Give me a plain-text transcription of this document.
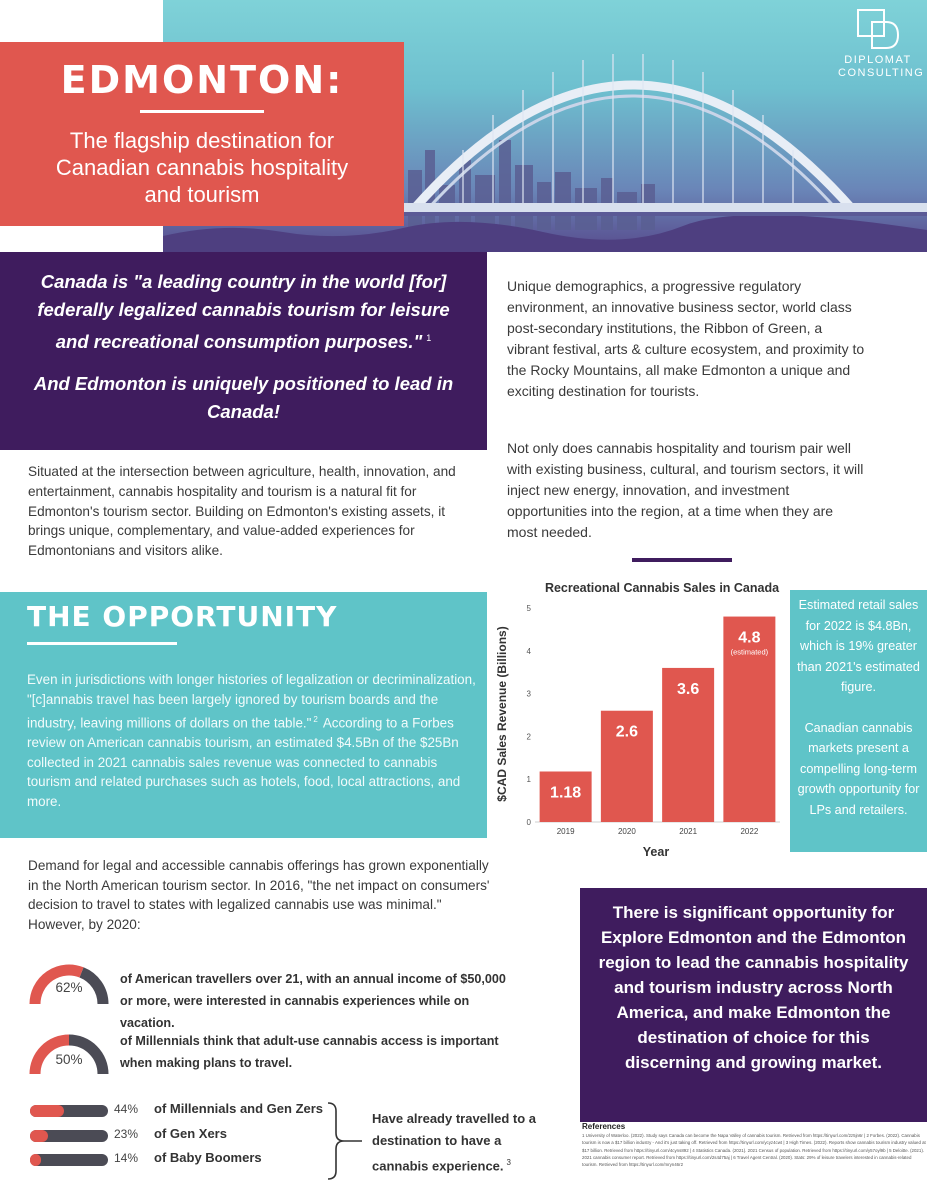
DIPLOMAT
CONSULTING
EDMONTON:
The flagship destination for Canadian cannabis hospitality and tourism

Canada is "a leading country in the world [for] federally legalized cannabis tourism for leisure and recreational consumption purposes." $^1$

And Edmonton is uniquely positioned to lead in Canada!

Situated at the intersection between agriculture, health, innovation, and entertainment, cannabis hospitality and tourism is a natural fit for Edmonton's tourism sector. Building on Edmonton's existing assets, it brings unique, complementary, and value-added experiences for Edmontonians and visitors alike.

Unique demographics, a progressive regulatory environment, an innovative business sector, world class post-secondary institutions, the Ribbon of Green, a vibrant festival, arts & culture ecosystem, and proximity to the Rocky Mountains, all make Edmonton a unique and exciting destination for tourists.

Not only does cannabis hospitality and tourism pair well with existing business, cultural, and tourism sectors, it will inject new energy, innovation, and investment opportunities into the region, at a time when they are most needed.

THE OPPORTUNITY

Even in jurisdictions with longer histories of legalization or decriminalization, "[c]annabis travel has been largely ignored by tourism boards and the industry, leaving millions of dollars on the table." $^2$ According to a Forbes review on American cannabis tourism, an estimated $4.5Bn of the $25Bn collected in 2021 cannabis sales revenue was connected to cannabis tourism and related purchases such as hotels, food, local attractions, and more.

Recreational Cannabis Sales in Canada
$CAD Sales Revenue (Billions)
Year
0
1
2
3
4
5
1.18
2019
2.6
2020
3.6
2021
4.8
2022
(estimated)

Estimated retail sales for 2022 is $4.8Bn, which is 19% greater than 2021's estimated figure.

Canadian cannabis markets present a compelling long-term growth opportunity for LPs and retailers.

Demand for legal and accessible cannabis offerings has grown exponentially in the North American tourism sector. In 2016, "the net impact on consumers' decision to travel to states with legalized cannabis use was minimal." However, by 2020:

62%

of American travellers over 21, with an annual income of $50,000 or more, were interested in cannabis experiences while on vacation.

50%

of Millennials think that adult-use cannabis access is important when making plans to travel.

44% of Millennials and Gen Zers
23% of Gen Xers
14% of Baby Boomers

Have already travelled to a destination to have a cannabis experience. $^3$

There is significant opportunity for Explore Edmonton and the Edmonton region to lead the cannabis hospitality and tourism industry across North America, and make Edmonton the destination of choice for this discerning and growing market.
References
1 University of Waterloo. (2022). Study says Canada can become the Napa Valley of cannabis tourism. Retrieved from https://tinyurl.com/2z5jn6r | 2 Forbes. (2022). Cannabis tourism is now a $17 billion industry - And it's just taking off. Retrieved from https://tinyurl.com/ycyz4cwt | 3 High Times. (2022). Reports show cannabis tourism industry valued at $17 billion. Retrieved from https://tinyurl.com/4cyns892 | 4 Statistics Canada. (2021). 2021 Census of population. Retrieved from https://tinyurl.com/y57oyl9b | 5 Deloitte. (2021). 2021 cannabis consumer report. Retrieved from https://tinyurl.com/2s4d75aj | 6 Travel Agent Central. (2020). Stats: 29% of leisure travelers interested in cannabis-related tourism. Retrieved from https://tinyurl.com/mryn46r2
